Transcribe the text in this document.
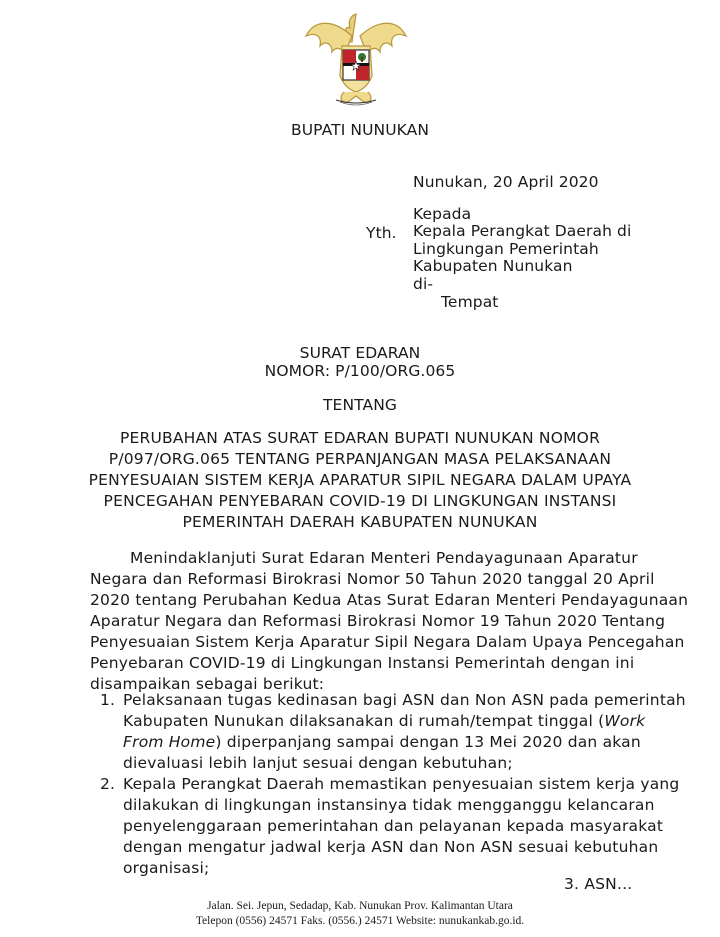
BUPATI NUNUKAN
Nunukan, 20 April 2020
Kepada
Yth. Kepala Perangkat Daerah di
Lingkungan Pemerintah
Kabupaten Nunukan
di-
Tempat
SURAT EDARAN
NOMOR: P/100/ORG.065
TENTANG
PERUBAHAN ATAS SURAT EDARAN BUPATI NUNUKAN NOMOR
P/097/ORG.065 TENTANG PERPANJANGAN MASA PELAKSANAAN
PENYESUAIAN SISTEM KERJA APARATUR SIPIL NEGARA DALAM UPAYA
PENCEGAHAN PENYEBARAN COVID-19 DI LINGKUNGAN INSTANSI
PEMERINTAH DAERAH KABUPATEN NUNUKAN
Menindaklanjuti Surat Edaran Menteri Pendayagunaan Aparatur
Negara dan Reformasi Birokrasi Nomor 50 Tahun 2020 tanggal 20 April
2020 tentang Perubahan Kedua Atas Surat Edaran Menteri Pendayagunaan
Aparatur Negara dan Reformasi Birokrasi Nomor 19 Tahun 2020 Tentang
Penyesuaian Sistem Kerja Aparatur Sipil Negara Dalam Upaya Pencegahan
Penyebaran COVID-19 di Lingkungan Instansi Pemerintah dengan ini
disampaikan sebagai berikut:
1. Pelaksanaan tugas kedinasan bagi ASN dan Non ASN pada pemerintah
Kabupaten Nunukan dilaksanakan di rumah/tempat tinggal (Work
From Home) diperpanjang sampai dengan 13 Mei 2020 dan akan
dievaluasi lebih lanjut sesuai dengan kebutuhan;
2. Kepala Perangkat Daerah memastikan penyesuaian sistem kerja yang
dilakukan di lingkungan instansinya tidak mengganggu kelancaran
penyelenggaraan pemerintahan dan pelayanan kepada masyarakat
dengan mengatur jadwal kerja ASN dan Non ASN sesuai kebutuhan
organisasi;
3. ASN...
Jalan. Sei. Jepun, Sedadap, Kab. Nunukan Prov. Kalimantan Utara
Telepon (0556) 24571 Faks. (0556.) 24571 Website: nunukankab.go.id.
